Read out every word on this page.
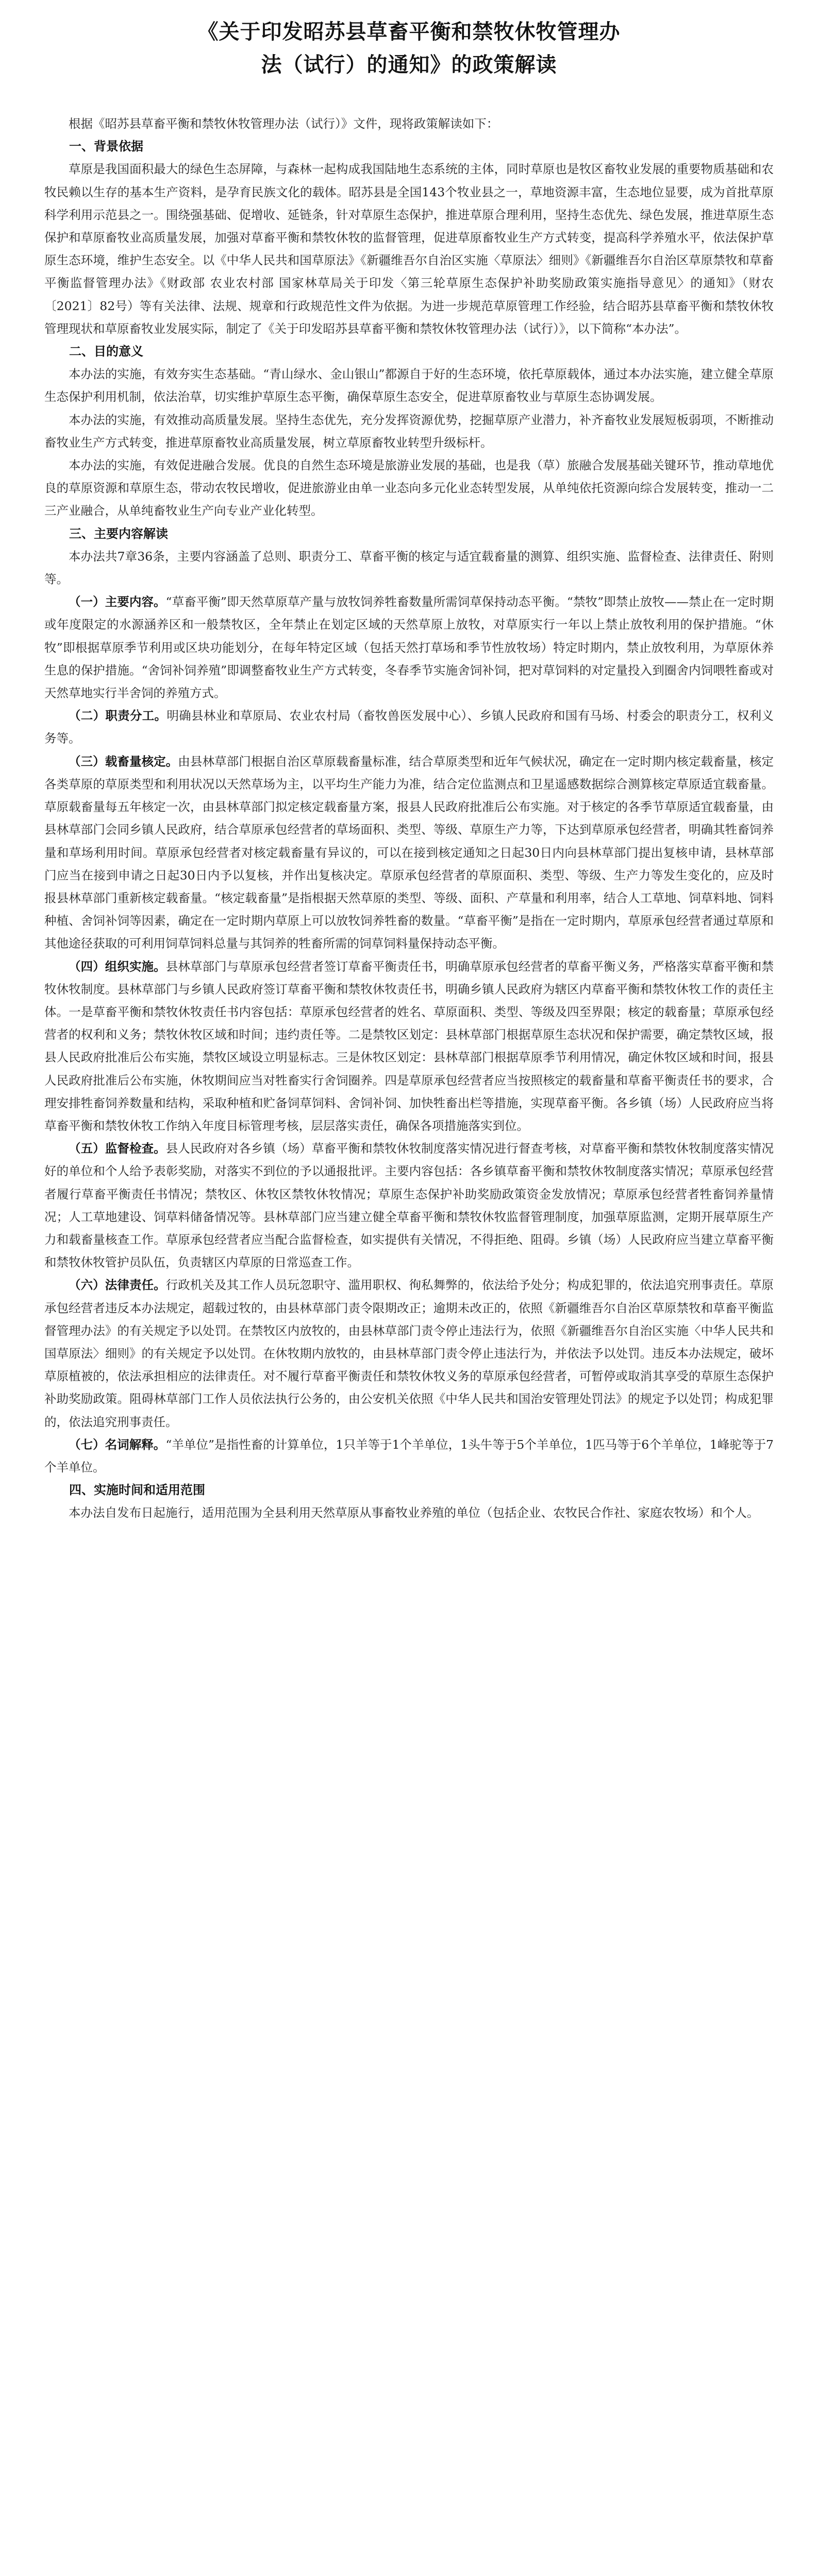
《关于印发昭苏县草畜平衡和禁牧休牧管理办
法（试行）的通知》的政策解读

根据《昭苏县草畜平衡和禁牧休牧管理办法（试行）》文件，现将政策解读如下：

一、背景依据

草原是我国面积最大的绿色生态屏障，与森林一起构成我国陆地生态系统的主体，同时草原也是牧区畜牧业发展的重要物质基础和农牧民赖以生存的基本生产资料，是孕育民族文化的载体。昭苏县是全国143个牧业县之一，草地资源丰富，生态地位显要，成为首批草原科学利用示范县之一。围绕强基础、促增收、延链条，针对草原生态保护，推进草原合理利用，坚持生态优先、绿色发展，推进草原生态保护和草原畜牧业高质量发展，加强对草畜平衡和禁牧休牧的监督管理，促进草原畜牧业生产方式转变，提高科学养殖水平，依法保护草原生态环境，维护生态安全。以《中华人民共和国草原法》《新疆维吾尔自治区实施〈草原法〉细则》《新疆维吾尔自治区草原禁牧和草畜平衡监督管理办法》《财政部 农业农村部 国家林草局关于印发〈第三轮草原生态保护补助奖励政策实施指导意见〉的通知》（财农〔2021〕82号）等有关法律、法规、规章和行政规范性文件为依据。为进一步规范草原管理工作经验，结合昭苏县草畜平衡和禁牧休牧管理现状和草原畜牧业发展实际，制定了《关于印发昭苏县草畜平衡和禁牧休牧管理办法（试行）》，以下简称“本办法”。

二、目的意义

本办法的实施，有效夯实生态基础。“青山绿水、金山银山”都源自于好的生态环境，依托草原载体，通过本办法实施，建立健全草原生态保护利用机制，依法治草，切实维护草原生态平衡，确保草原生态安全，促进草原畜牧业与草原生态协调发展。

本办法的实施，有效推动高质量发展。坚持生态优先，充分发挥资源优势，挖掘草原产业潜力，补齐畜牧业发展短板弱项，不断推动畜牧业生产方式转变，推进草原畜牧业高质量发展，树立草原畜牧业转型升级标杆。

本办法的实施，有效促进融合发展。优良的自然生态环境是旅游业发展的基础，也是我（草）旅融合发展基础关键环节，推动草地优良的草原资源和草原生态，带动农牧民增收，促进旅游业由单一业态向多元化业态转型发展，从单纯依托资源向综合发展转变，推动一二三产业融合，从单纯畜牧业生产向专业产业化转型。

三、主要内容解读

本办法共7章36条，主要内容涵盖了总则、职责分工、草畜平衡的核定与适宜载畜量的测算、组织实施、监督检查、法律责任、附则等。

（一）主要内容。“草畜平衡”即天然草原草产量与放牧饲养牲畜数量所需饲草保持动态平衡。“禁牧”即禁止放牧——禁止在一定时期或年度限定的水源涵养区和一般禁牧区，全年禁止在划定区域的天然草原上放牧，对草原实行一年以上禁止放牧利用的保护措施。“休牧”即根据草原季节利用或区块功能划分，在每年特定区域（包括天然打草场和季节性放牧场）特定时期内，禁止放牧利用，为草原休养生息的保护措施。“舍饲补饲养殖”即调整畜牧业生产方式转变，冬春季节实施舍饲补饲，把对草饲料的对定量投入到圈舍内饲喂牲畜或对天然草地实行半舍饲的养殖方式。

（二）职责分工。明确县林业和草原局、农业农村局（畜牧兽医发展中心）、乡镇人民政府和国有马场、村委会的职责分工，权利义务等。

（三）载畜量核定。由县林草部门根据自治区草原载畜量标准，结合草原类型和近年气候状况，确定在一定时期内核定载畜量，核定各类草原的草原类型和利用状况以天然草场为主，以平均生产能力为准，结合定位监测点和卫星遥感数据综合测算核定草原适宜载畜量。草原载畜量每五年核定一次，由县林草部门拟定核定载畜量方案，报县人民政府批准后公布实施。对于核定的各季节草原适宜载畜量，由县林草部门会同乡镇人民政府，结合草原承包经营者的草场面积、类型、等级、草原生产力等，下达到草原承包经营者，明确其牲畜饲养量和草场利用时间。草原承包经营者对核定载畜量有异议的，可以在接到核定通知之日起30日内向县林草部门提出复核申请，县林草部门应当在接到申请之日起30日内予以复核，并作出复核决定。草原承包经营者的草原面积、类型、等级、生产力等发生变化的，应及时报县林草部门重新核定载畜量。“核定载畜量”是指根据天然草原的类型、等级、面积、产草量和利用率，结合人工草地、饲草料地、饲料种植、舍饲补饲等因素，确定在一定时期内草原上可以放牧饲养牲畜的数量。“草畜平衡”是指在一定时期内，草原承包经营者通过草原和其他途径获取的可利用饲草饲料总量与其饲养的牲畜所需的饲草饲料量保持动态平衡。

（四）组织实施。县林草部门与草原承包经营者签订草畜平衡责任书，明确草原承包经营者的草畜平衡义务，严格落实草畜平衡和禁牧休牧制度。县林草部门与乡镇人民政府签订草畜平衡和禁牧休牧责任书，明确乡镇人民政府为辖区内草畜平衡和禁牧休牧工作的责任主体。一是草畜平衡和禁牧休牧责任书内容包括：草原承包经营者的姓名、草原面积、类型、等级及四至界限；核定的载畜量；草原承包经营者的权利和义务；禁牧休牧区域和时间；违约责任等。二是禁牧区划定：县林草部门根据草原生态状况和保护需要，确定禁牧区域，报县人民政府批准后公布实施，禁牧区域设立明显标志。三是休牧区划定：县林草部门根据草原季节利用情况，确定休牧区域和时间，报县人民政府批准后公布实施，休牧期间应当对牲畜实行舍饲圈养。四是草原承包经营者应当按照核定的载畜量和草畜平衡责任书的要求，合理安排牲畜饲养数量和结构，采取种植和贮备饲草饲料、舍饲补饲、加快牲畜出栏等措施，实现草畜平衡。各乡镇（场）人民政府应当将草畜平衡和禁牧休牧工作纳入年度目标管理考核，层层落实责任，确保各项措施落实到位。

（五）监督检查。县人民政府对各乡镇（场）草畜平衡和禁牧休牧制度落实情况进行督查考核，对草畜平衡和禁牧休牧制度落实情况好的单位和个人给予表彰奖励，对落实不到位的予以通报批评。主要内容包括：各乡镇草畜平衡和禁牧休牧制度落实情况；草原承包经营者履行草畜平衡责任书情况；禁牧区、休牧区禁牧休牧情况；草原生态保护补助奖励政策资金发放情况；草原承包经营者牲畜饲养量情况；人工草地建设、饲草料储备情况等。县林草部门应当建立健全草畜平衡和禁牧休牧监督管理制度，加强草原监测，定期开展草原生产力和载畜量核查工作。草原承包经营者应当配合监督检查，如实提供有关情况，不得拒绝、阻碍。乡镇（场）人民政府应当建立草畜平衡和禁牧休牧管护员队伍，负责辖区内草原的日常巡查工作。

（六）法律责任。行政机关及其工作人员玩忽职守、滥用职权、徇私舞弊的，依法给予处分；构成犯罪的，依法追究刑事责任。草原承包经营者违反本办法规定，超载过牧的，由县林草部门责令限期改正；逾期未改正的，依照《新疆维吾尔自治区草原禁牧和草畜平衡监督管理办法》的有关规定予以处罚。在禁牧区内放牧的，由县林草部门责令停止违法行为，依照《新疆维吾尔自治区实施〈中华人民共和国草原法〉细则》的有关规定予以处罚。在休牧期内放牧的，由县林草部门责令停止违法行为，并依法予以处罚。违反本办法规定，破坏草原植被的，依法承担相应的法律责任。对不履行草畜平衡责任和禁牧休牧义务的草原承包经营者，可暂停或取消其享受的草原生态保护补助奖励政策。阻碍林草部门工作人员依法执行公务的，由公安机关依照《中华人民共和国治安管理处罚法》的规定予以处罚；构成犯罪的，依法追究刑事责任。

（七）名词解释。“羊单位”是指性畜的计算单位，1只羊等于1个羊单位，1头牛等于5个羊单位，1匹马等于6个羊单位，1峰驼等于7个羊单位。

四、实施时间和适用范围

本办法自发布日起施行，适用范围为全县利用天然草原从事畜牧业养殖的单位（包括企业、农牧民合作社、家庭农牧场）和个人。
